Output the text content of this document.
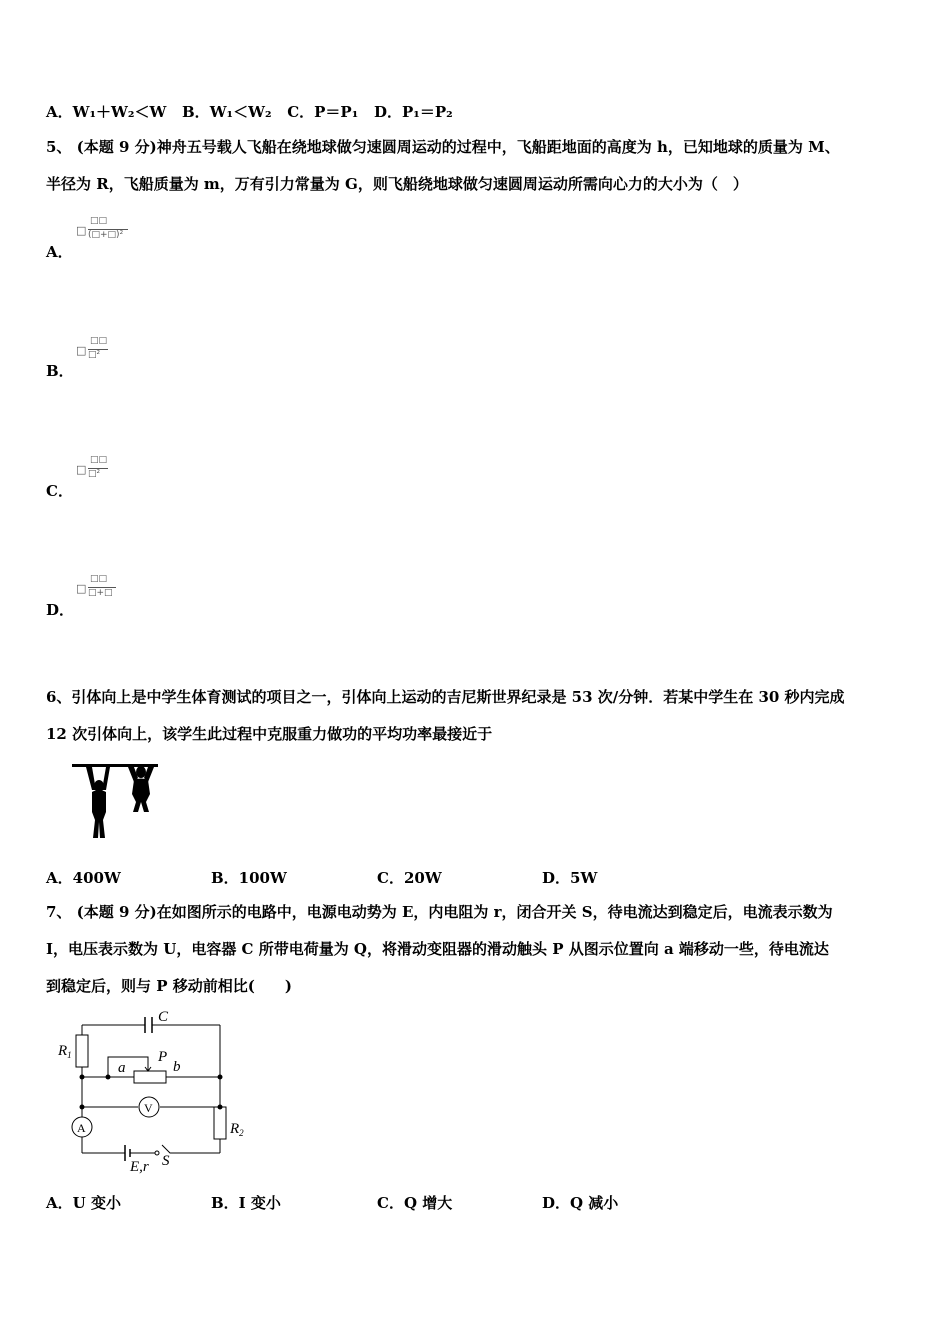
A．W₁＋W₂＜W B．W₁＜W₂ C．P＝P₁ D．P₁＝P₂
5、 (本题 9 分)神舟五号载人飞船在绕地球做匀速圆周运动的过程中，飞船距地面的高度为 h，已知地球的质量为 M、
半径为 R，飞船质量为 m，万有引力常量为 G，则飞船绕地球做匀速圆周运动所需向心力的大小为（　）
□
□□
(□+□)²
A．
□
□□
□²
B．
□
□□
□²
C．
□
□□
□+□
D．
6、引体向上是中学生体育测试的项目之一，引体向上运动的吉尼斯世界纪录是 53 次/分钟．若某中学生在 30 秒内完成
12 次引体向上，该学生此过程中克服重力做功的平均功率最接近于
A．400W	B．100W	C．20W	D．5W
7、 (本题 9 分)在如图所示的电路中，电源电动势为 E，内电阻为 r，闭合开关 S，待电流达到稳定后，电流表示数为
I，电压表示数为 U，电容器 C 所带电荷量为 Q，将滑动变阻器的滑动触头 P 从图示位置向 a 端移动一些，待电流达
到稳定后，则与 P 移动前相比(　　)
C
$R_1$
a
P
b
V
A	$R_2$
E,r S
A．U 变小	B．I 变小	C．Q 增大	D．Q 减小
